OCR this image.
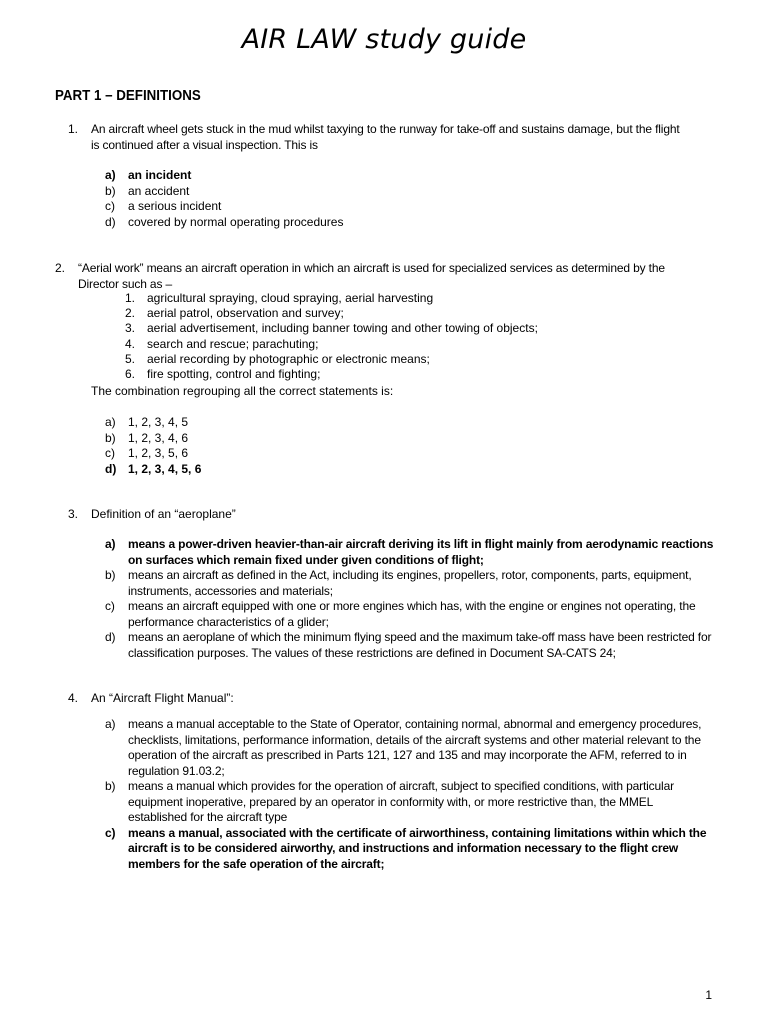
AIR LAW study guide
PART 1 – DEFINITIONS
1. An aircraft wheel gets stuck in the mud whilst taxying to the runway for take-off and sustains damage, but the flight is continued after a visual inspection. This is
a) an incident
b) an accident
c) a serious incident
d) covered by normal operating procedures
2. “Aerial work” means an aircraft operation in which an aircraft is used for specialized services as determined by the Director such as –
1. agricultural spraying, cloud spraying, aerial harvesting
2. aerial patrol, observation and survey;
3. aerial advertisement, including banner towing and other towing of objects;
4. search and rescue; parachuting;
5. aerial recording by photographic or electronic means;
6. fire spotting, control and fighting;
The combination regrouping all the correct statements is:
a) 1, 2, 3, 4, 5
b) 1, 2, 3, 4, 6
c) 1, 2, 3, 5, 6
d) 1, 2, 3, 4, 5, 6
3. Definition of an “aeroplane”
a) means a power-driven heavier-than-air aircraft deriving its lift in flight mainly from aerodynamic reactions on surfaces which remain fixed under given conditions of flight;
b) means an aircraft as defined in the Act, including its engines, propellers, rotor, components, parts, equipment, instruments, accessories and materials;
c) means an aircraft equipped with one or more engines which has, with the engine or engines not operating, the performance characteristics of a glider;
d) means an aeroplane of which the minimum flying speed and the maximum take-off mass have been restricted for classification purposes. The values of these restrictions are defined in Document SA-CATS 24;
4. An “Aircraft Flight Manual”:
a) means a manual acceptable to the State of Operator, containing normal, abnormal and emergency procedures, checklists, limitations, performance information, details of the aircraft systems and other material relevant to the operation of the aircraft as prescribed in Parts 121, 127 and 135 and may incorporate the AFM, referred to in regulation 91.03.2;
b) means a manual which provides for the operation of aircraft, subject to specified conditions, with particular equipment inoperative, prepared by an operator in conformity with, or more restrictive than, the MMEL established for the aircraft type
c) means a manual, associated with the certificate of airworthiness, containing limitations within which the aircraft is to be considered airworthy, and instructions and information necessary to the flight crew members for the safe operation of the aircraft;
1
